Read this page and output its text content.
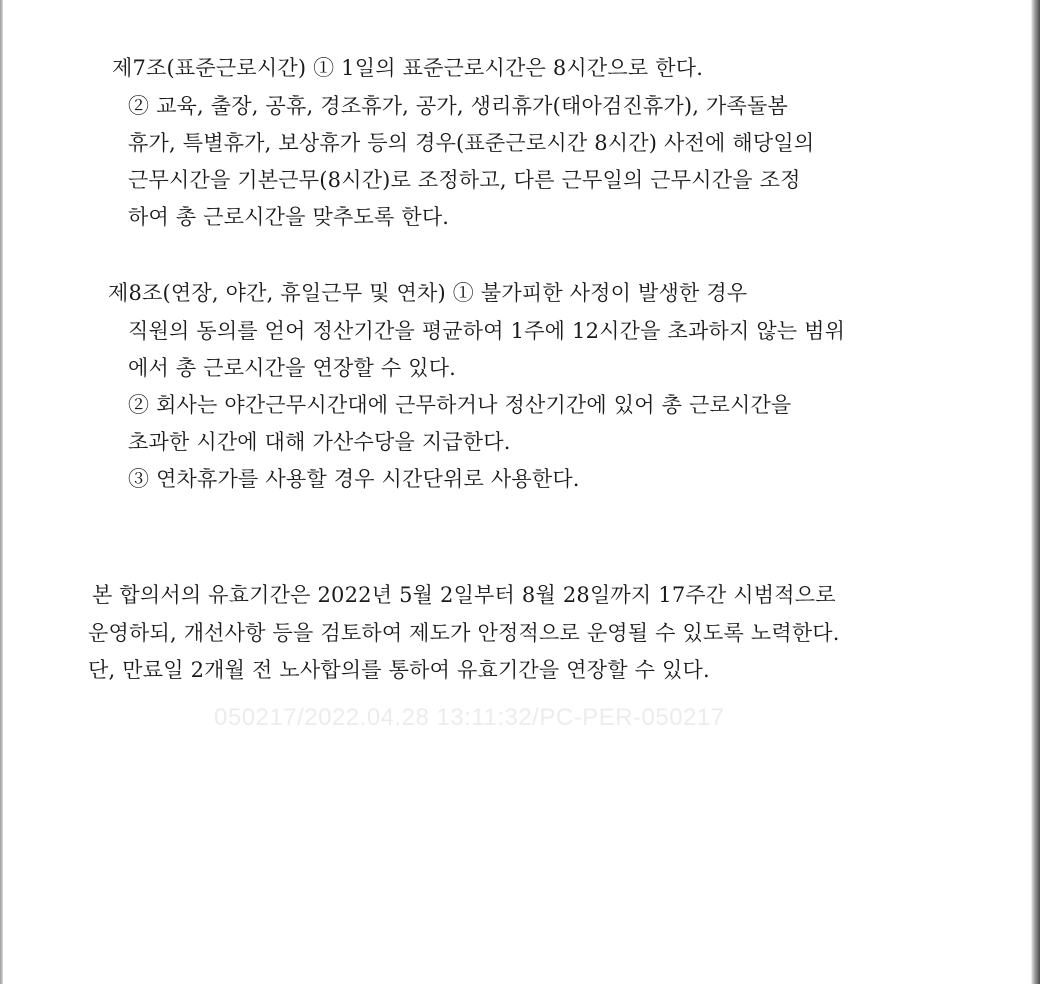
제7조(표준근로시간) ① 1일의 표준근로시간은 8시간으로 한다.
② 교육, 출장, 공휴, 경조휴가, 공가, 생리휴가(태아검진휴가), 가족돌봄
휴가, 특별휴가, 보상휴가 등의 경우(표준근로시간 8시간) 사전에 해당일의
근무시간을 기본근무(8시간)로 조정하고, 다른 근무일의 근무시간을 조정
하여 총 근로시간을 맞추도록 한다.
제8조(연장, 야간, 휴일근무 및 연차) ① 불가피한 사정이 발생한 경우
직원의 동의를 얻어 정산기간을 평균하여 1주에 12시간을 초과하지 않는 범위
에서 총 근로시간을 연장할 수 있다.
② 회사는 야간근무시간대에 근무하거나 정산기간에 있어 총 근로시간을
초과한 시간에 대해 가산수당을 지급한다.
③ 연차휴가를 사용할 경우 시간단위로 사용한다.
본 합의서의 유효기간은 2022년 5월 2일부터 8월 28일까지 17주간 시범적으로
운영하되, 개선사항 등을 검토하여 제도가 안정적으로 운영될 수 있도록 노력한다.
단, 만료일 2개월 전 노사합의를 통하여 유효기간을 연장할 수 있다.
050217/2022.04.28 13:11:32/PC-PER-050217
